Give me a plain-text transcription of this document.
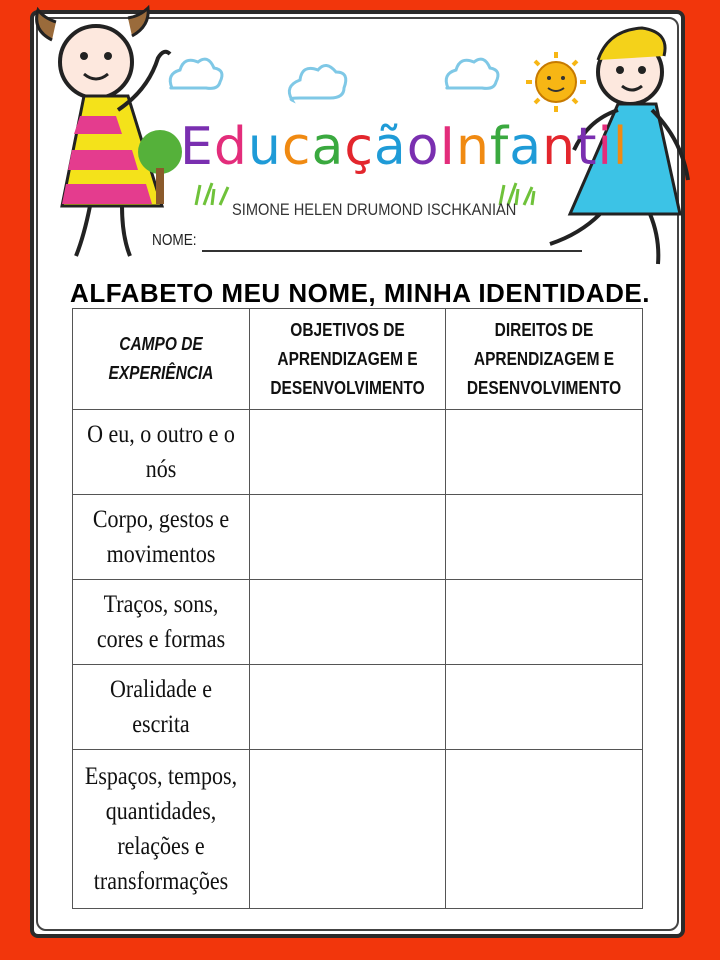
EducaçãoInfantil
SIMONE HELEN DRUMOND ISCHKANIAN
NOME:
ALFABETO MEU NOME, MINHA IDENTIDADE.
CAMPO DE EXPERIÊNCIA	OBJETIVOS DE APRENDIZAGEM E DESENVOLVIMENTO	DIREITOS DE APRENDIZAGEM E DESENVOLVIMENTO
O eu, o outro e o nós		
Corpo, gestos e movimentos		
Traços, sons, cores e formas		
Oralidade e escrita		
Espaços, tempos, quantidades, relações e transformações		
